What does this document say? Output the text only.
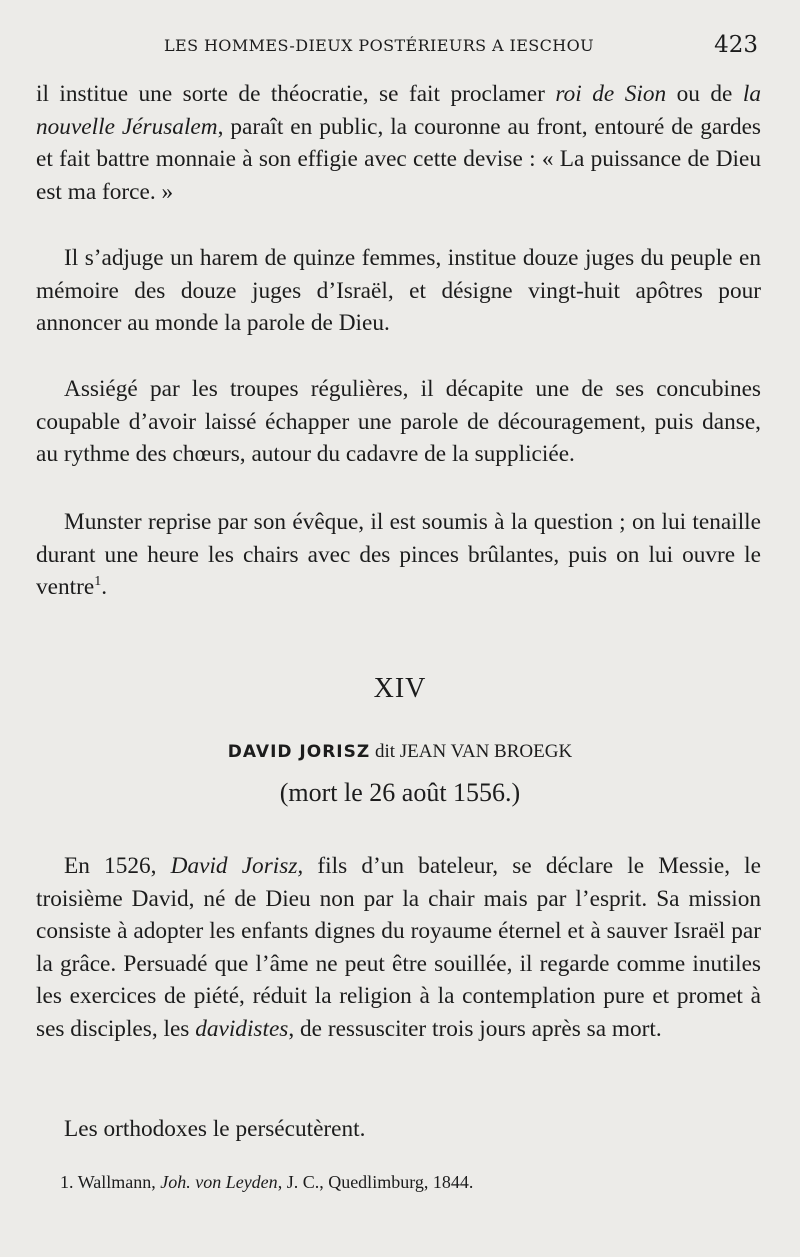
LES HOMMES-DIEUX POSTÉRIEURS A IESCHOU	423

il institue une sorte de théocratie, se fait proclamer roi de Sion ou de la nouvelle Jérusalem, paraît en public, la couronne au front, entouré de gardes et fait battre monnaie à son effigie avec cette devise : « La puissance de Dieu est ma force. »

Il s’adjuge un harem de quinze femmes, institue douze juges du peuple en mémoire des douze juges d’Israël, et désigne vingt-huit apôtres pour annoncer au monde la parole de Dieu.

Assiégé par les troupes régulières, il décapite une de ses concubines coupable d’avoir laissé échapper une parole de découragement, puis danse, au rythme des chœurs, autour du cadavre de la suppliciée.

Munster reprise par son évêque, il est soumis à la question ; on lui tenaille durant une heure les chairs avec des pinces brûlantes, puis on lui ouvre le ventre$^1$.

XIV
DAVID JORISZ dit JEAN VAN BROEGK
(mort le 26 août 1556.)

En 1526, David Jorisz, fils d’un bateleur, se déclare le Messie, le troisième David, né de Dieu non par la chair mais par l’esprit. Sa mission consiste à adopter les enfants dignes du royaume éternel et à sauver Israël par la grâce. Persuadé que l’âme ne peut être souillée, il regarde comme inutiles les exercices de piété, réduit la religion à la contemplation pure et promet à ses disciples, les davidistes, de ressusciter trois jours après sa mort.

Les orthodoxes le persécutèrent.

1. Wallmann, Joh. von Leyden, J. C., Quedlimburg, 1844.
